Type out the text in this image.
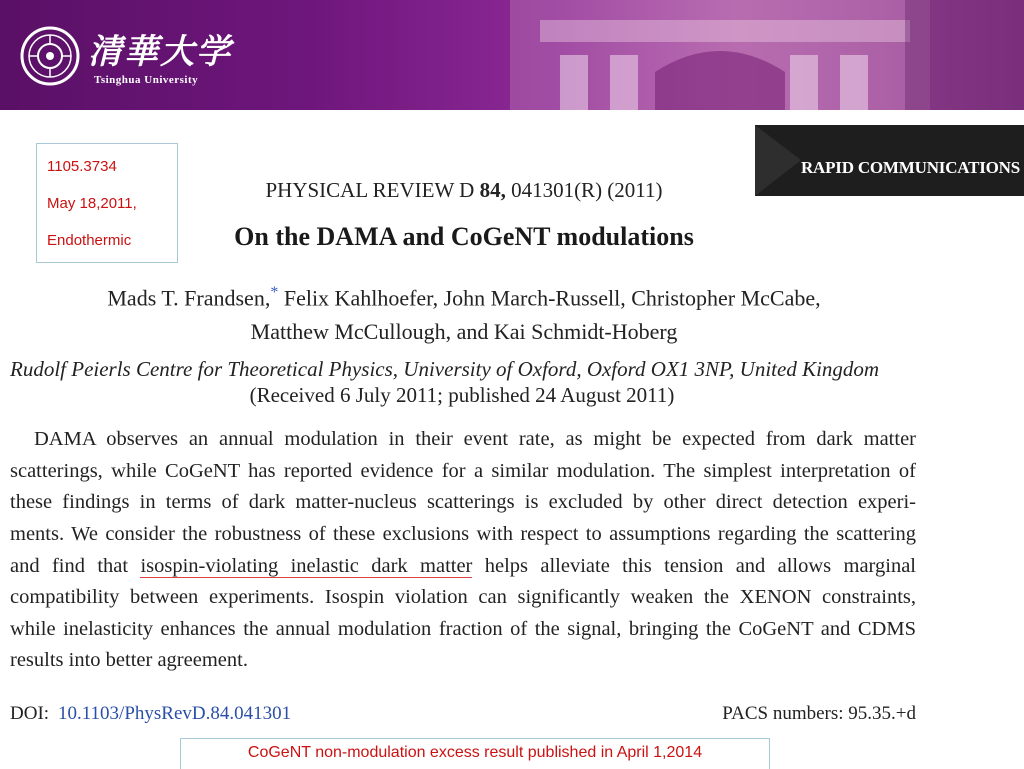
清華大学
Tsinghua University
1105.3734
May 18,2011,
Endothermic
RAPID COMMUNICATIONS
PHYSICAL REVIEW D 84, 041301(R) (2011)
On the DAMA and CoGeNT modulations
Mads T. Frandsen,* Felix Kahlhoefer, John March-Russell, Christopher McCabe,
Matthew McCullough, and Kai Schmidt-Hoberg
Rudolf Peierls Centre for Theoretical Physics, University of Oxford, Oxford OX1 3NP, United Kingdom
(Received 6 July 2011; published 24 August 2011)
DAMA observes an annual modulation in their event rate, as might be expected from dark matter
scatterings, while CoGeNT has reported evidence for a similar modulation. The simplest interpretation of
these findings in terms of dark matter-nucleus scatterings is excluded by other direct detection experi-
ments. We consider the robustness of these exclusions with respect to assumptions regarding the scattering
and find that isospin-violating inelastic dark matter helps alleviate this tension and allows marginal
compatibility between experiments. Isospin violation can significantly weaken the XENON constraints,
while inelasticity enhances the annual modulation fraction of the signal, bringing the CoGeNT and CDMS
results into better agreement.
DOI: 10.1103/PhysRevD.84.041301	PACS numbers: 95.35.+d
CoGeNT non-modulation excess result published in April 1,2014
